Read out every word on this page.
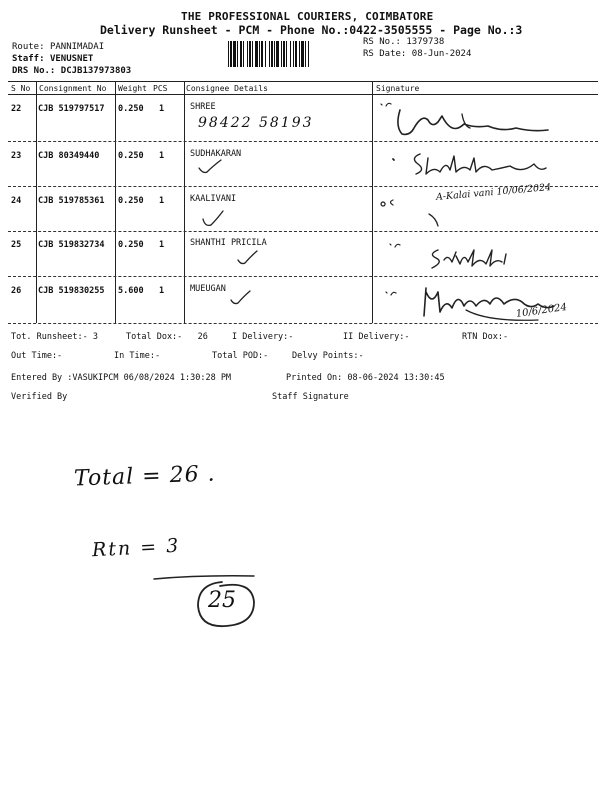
THE PROFESSIONAL COURIERS, COIMBATORE
Delivery Runsheet - PCM - Phone No.:0422-3505555 - Page No.:3
Route: PANNIMADAI
Staff: VENUSNET
DRS No.: DCJB137973803
RS No.: 1379738
RS Date: 08-Jun-2024
S No Consignment No Weight PCS Consignee Details	Signature
22 CJB 519797517 0.250 1	SHREE
23 CJB 80349440 0.250 1	SUDHAKARAN
24 CJB 519785361 0.250 1	KAALIVANI
25 CJB 519832734 0.250 1	SHANTHI PRICILA
26 CJB 519830255 5.600 1	MUEUGAN
Tot. Runsheet:- 3	Total Dox:-   26	I Delivery:-	II Delivery:-	RTN Dox:-
Out Time:-	In Time:-	Total POD:-	Delvy Points:-
Entered By :VASUKIPCM 06/08/2024 1:30:28 PM	Printed On: 08-06-2024 13:30:45
Verified By	Staff Signature
98422 58193
A-Kalai vani 10/06/2024
10/6/2024
Total = 26 .
Rtn = 3
25
